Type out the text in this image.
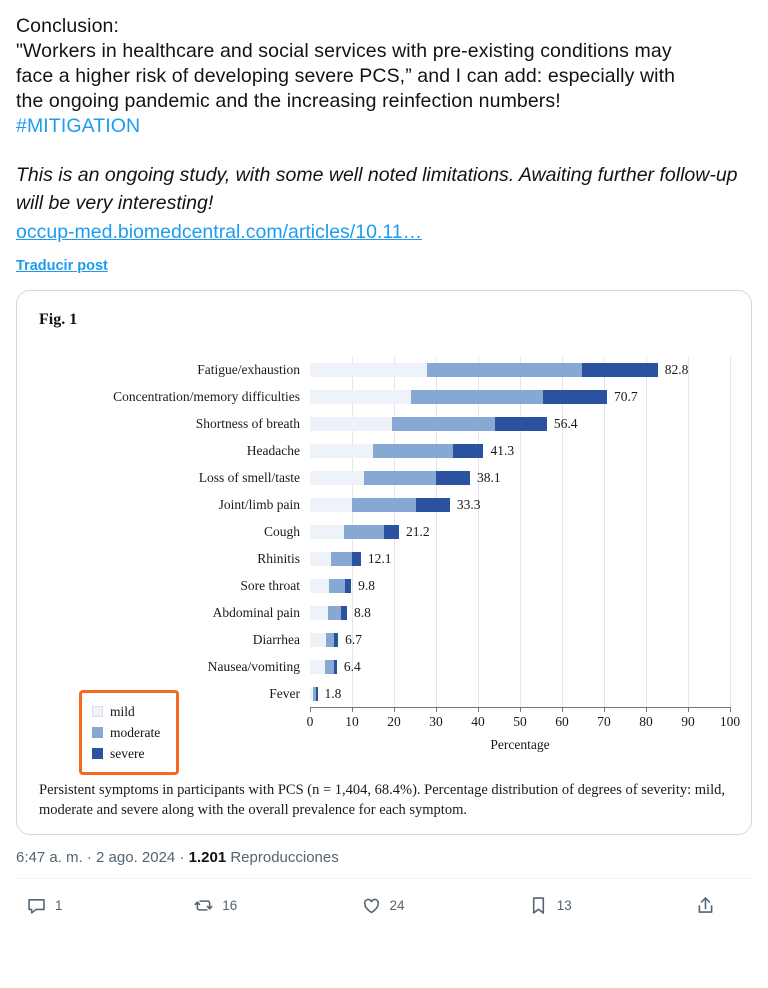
Conclusion:
"Workers in healthcare and social services with pre-existing conditions may
face a higher risk of developing severe PCS,” and I can add: especially with
the ongoing pandemic and the increasing reinfection numbers!
#MITIGATION
This is an ongoing study, with some well noted limitations. Awaiting further follow-up will be very interesting!
occup-med.biomedcentral.com/articles/10.11…
Traducir post
Fig. 1
0 10 20 30 40 50 60 70 80 90 100
Percentage
Fatigue/exhaustion	82.8
Concentration/memory difficulties	70.7
Shortness of breath	56.4
Headache	41.3
Loss of smell/taste	38.1
Joint/limb pain	33.3
Cough	21.2
Rhinitis	12.1
Sore throat	9.8
Abdominal pain	8.8
Diarrhea	6.7
Nausea/vomiting	6.4
Fever 1.8
mild
moderate
severe
Persistent symptoms in participants with PCS (n = 1,404, 68.4%). Percentage distribution of degrees of severity: mild, moderate and severe along with the overall prevalence for each symptom.
6:47 a. m. · 2 ago. 2024 · 1.201 Reproducciones
1	16	24	13
